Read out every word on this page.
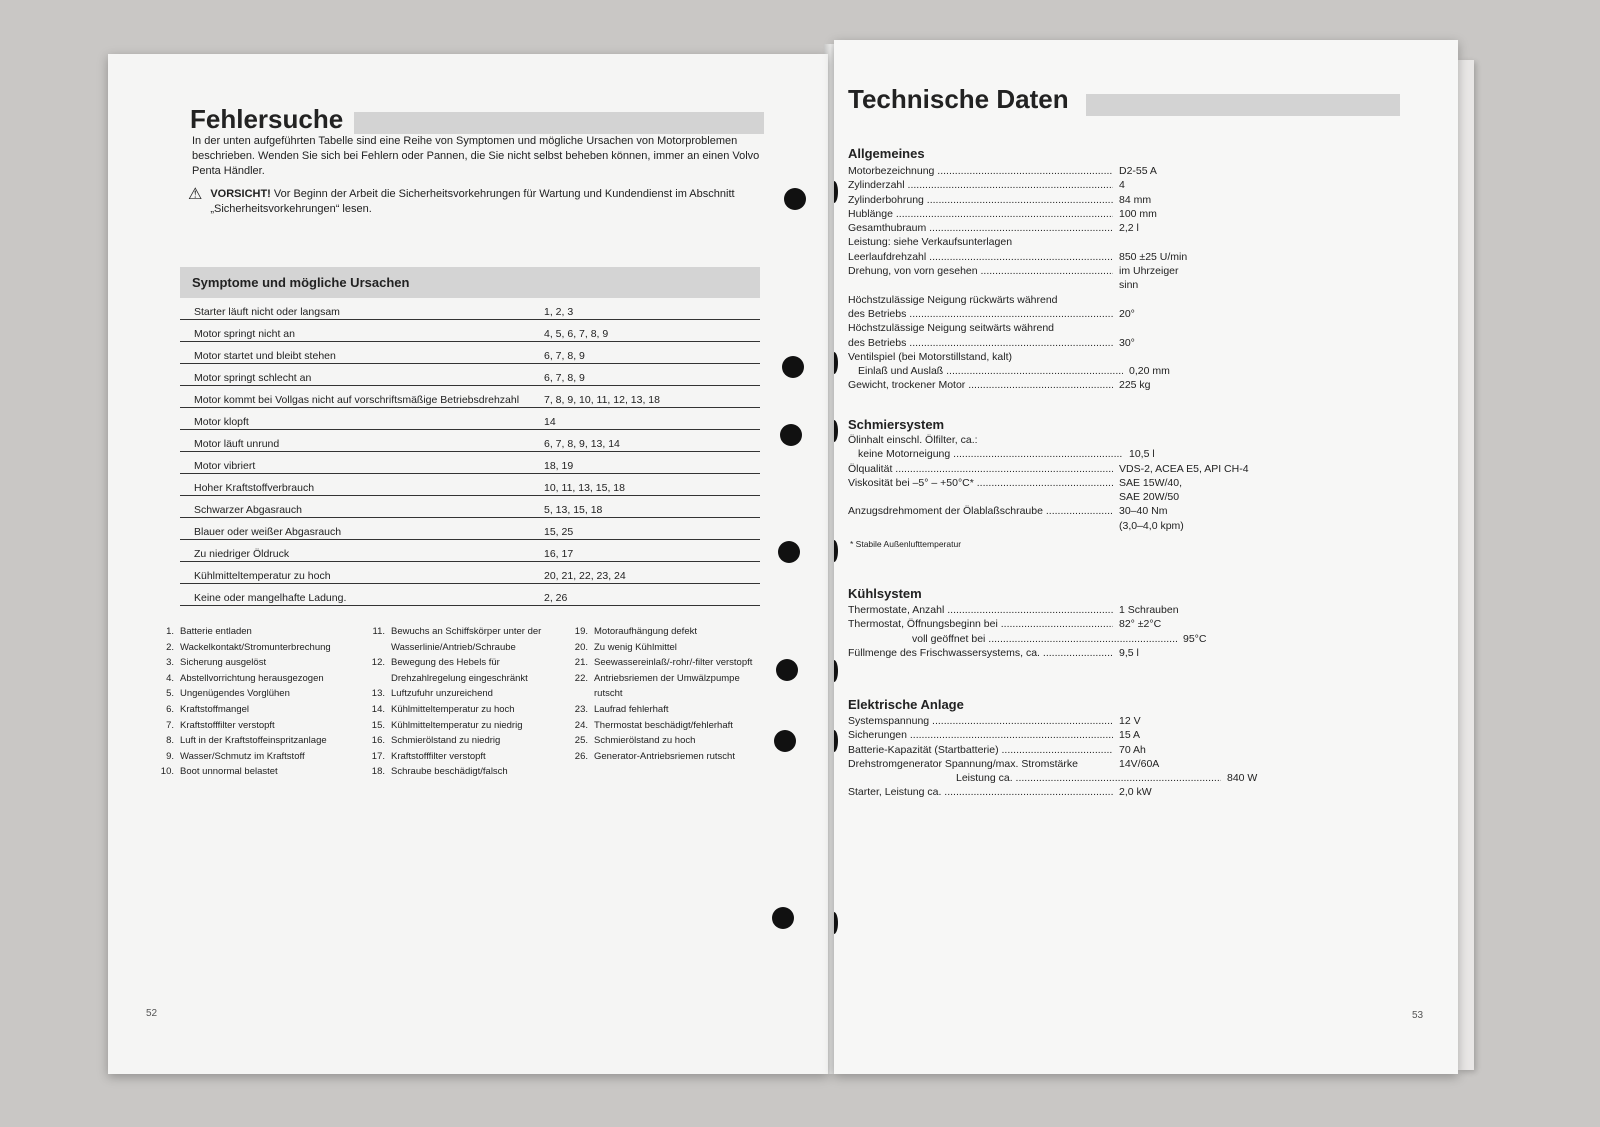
Fehlersuche
In der unten aufgeführten Tabelle sind eine Reihe von Symptomen und mögliche Ursachen von Motorproblemen beschrieben. Wenden Sie sich bei Fehlern oder Pannen, die Sie nicht selbst beheben können, immer an einen Volvo Penta Händler.
⚠ VORSICHT! Vor Beginn der Arbeit die Sicherheitsvorkehrungen für Wartung und Kundendienst im Abschnitt „Sicherheitsvorkehrungen“ lesen.
Symptome und mögliche Ursachen
Starter läuft nicht oder langsam	1, 2, 3
Motor springt nicht an	4, 5, 6, 7, 8, 9
Motor startet und bleibt stehen	6, 7, 8, 9
Motor springt schlecht an	6, 7, 8, 9
Motor kommt bei Vollgas nicht auf vorschriftsmäßige Betriebsdrehzahl	7, 8, 9, 10, 11, 12, 13, 18
Motor klopft	14
Motor läuft unrund	6, 7, 8, 9, 13, 14
Motor vibriert	18, 19
Hoher Kraftstoffverbrauch	10, 11, 13, 15, 18
Schwarzer Abgasrauch	5, 13, 15, 18
Blauer oder weißer Abgasrauch	15, 25
Zu niedriger Öldruck	16, 17
Kühlmitteltemperatur zu hoch	20, 21, 22, 23, 24
Keine oder mangelhafte Ladung.	2, 26
1. Batterie entladen
2. Wackelkontakt/Stromunterbrechung
3. Sicherung ausgelöst
4. Abstellvorrichtung herausgezogen
5. Ungenügendes Vorglühen
6. Kraftstoffmangel
7. Kraftstofffilter verstopft
8. Luft in der Kraftstoffeinspritzanlage
9. Wasser/Schmutz im Kraftstoff
10. Boot unnormal belastet
11. Bewuchs an Schiffskörper unter der Wasserlinie/Antrieb/Schraube
12. Bewegung des Hebels für Drehzahlregelung eingeschränkt
13. Luftzufuhr unzureichend
14. Kühlmitteltemperatur zu hoch
15. Kühlmitteltemperatur zu niedrig
16. Schmierölstand zu niedrig
17. Kraftstofffilter verstopft
18. Schraube beschädigt/falsch
19. Motoraufhängung defekt
20. Zu wenig Kühlmittel
21. Seewassereinlaß/-rohr/-filter verstopft
22. Antriebsriemen der Umwälzpumpe rutscht
23. Laufrad fehlerhaft
24. Thermostat beschädigt/fehlerhaft
25. Schmierölstand zu hoch
26. Generator-Antriebsriemen rutscht
52
Technische Daten
Allgemeines
Motorbezeichnung .....	D2-55 A
Zylinderzahl .....	4
Zylinderbohrung .....	84 mm
Hublänge .....	100 mm
Gesamthubraum .....	2,2 l
Leistung: siehe Verkaufsunterlagen
Leerlaufdrehzahl .....	850 ±25 U/min
Drehung, von vorn gesehen .....	im Uhrzeiger
sinn
Höchstzulässige Neigung rückwärts während
des Betriebs .....	20°
Höchstzulässige Neigung seitwärts während
des Betriebs .....	30°
Ventilspiel (bei Motorstillstand, kalt)
Einlaß und Auslaß .....	0,20 mm
Gewicht, trockener Motor .....	225 kg
Schmiersystem
Ölinhalt einschl. Ölfilter, ca.:
keine Motorneigung .....	10,5 l
Ölqualität .....	VDS-2, ACEA E5, API CH-4
Viskosität bei –5° – +50°C* .....	SAE 15W/40,
SAE 20W/50
Anzugsdrehmoment der Ölablaßschraube .....	30–40 Nm
(3,0–4,0 kpm)
* Stabile Außenlufttemperatur
Kühlsystem
Thermostate, Anzahl .....	1 Schrauben
Thermostat, Öffnungsbeginn bei .....	82° ±2°C
voll geöffnet bei .....	95°C
Füllmenge des Frischwassersystems, ca. .....	9,5 l
Elektrische Anlage
Systemspannung .....	12 V
Sicherungen .....	15 A
Batterie-Kapazität (Startbatterie) .....	70 Ah
Drehstromgenerator Spannung/max. Stromstärke	14V/60A
Leistung ca. .....	840 W
Starter, Leistung ca. .....	2,0 kW
53
